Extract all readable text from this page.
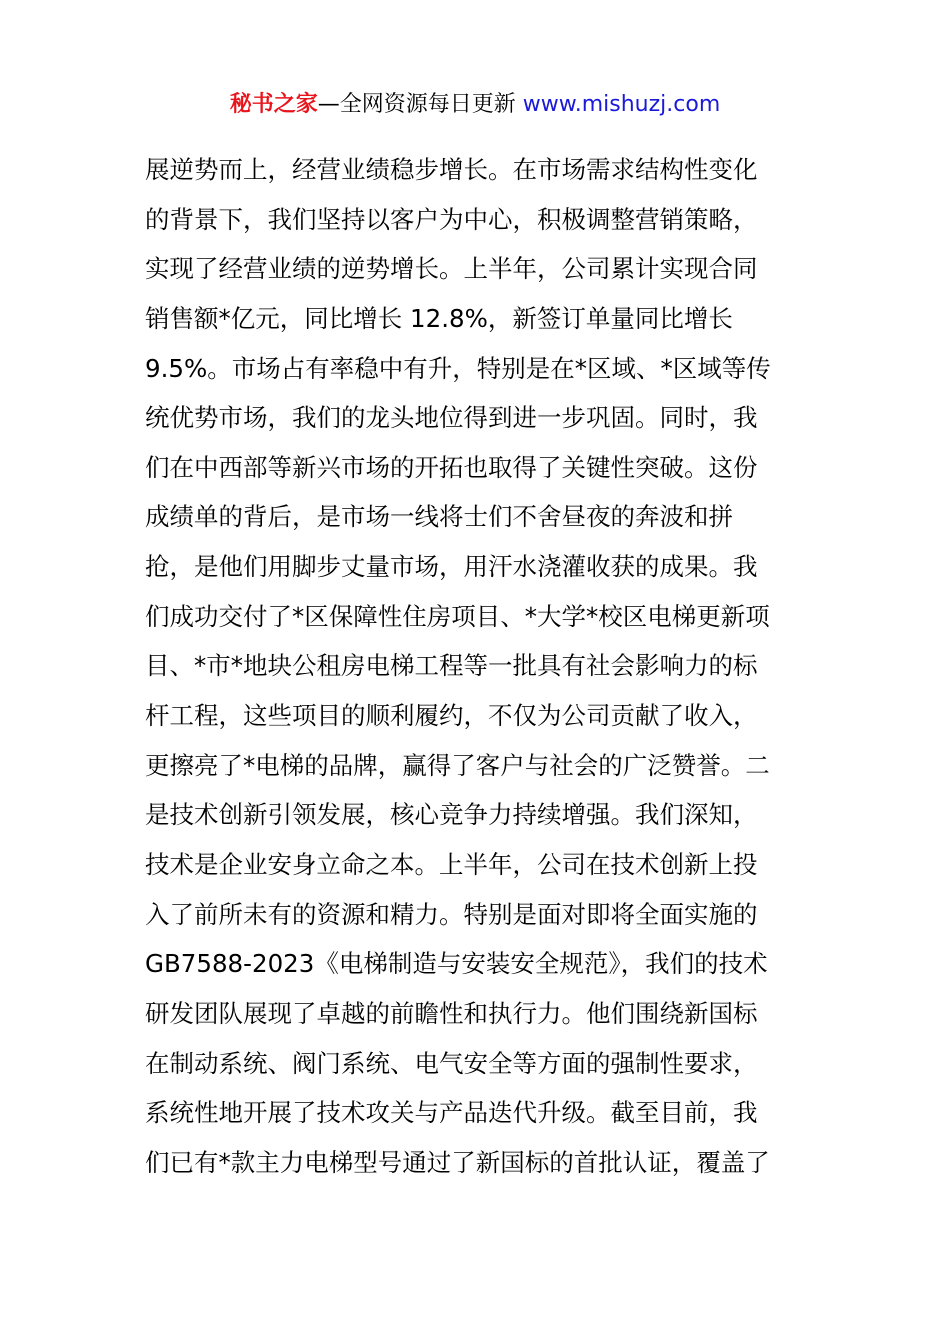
秘书之家—全网资源每日更新 www.mishuzj.com
展逆势而上，经营业绩稳步增长。在市场需求结构性变化
的背景下，我们坚持以客户为中心，积极调整营销策略，
实现了经营业绩的逆势增长。上半年，公司累计实现合同
销售额*亿元，同比增长 12.8%，新签订单量同比增长
9.5%。市场占有率稳中有升，特别是在*区域、*区域等传
统优势市场，我们的龙头地位得到进一步巩固。同时，我
们在中西部等新兴市场的开拓也取得了关键性突破。这份
成绩单的背后，是市场一线将士们不舍昼夜的奔波和拼
抢，是他们用脚步丈量市场，用汗水浇灌收获的成果。我
们成功交付了*区保障性住房项目、*大学*校区电梯更新项
目、*市*地块公租房电梯工程等一批具有社会影响力的标
杆工程，这些项目的顺利履约，不仅为公司贡献了收入，
更擦亮了*电梯的品牌，赢得了客户与社会的广泛赞誉。二
是技术创新引领发展，核心竞争力持续增强。我们深知，
技术是企业安身立命之本。上半年，公司在技术创新上投
入了前所未有的资源和精力。特别是面对即将全面实施的
GB7588-2023《电梯制造与安装安全规范》，我们的技术
研发团队展现了卓越的前瞻性和执行力。他们围绕新国标
在制动系统、阀门系统、电气安全等方面的强制性要求，
系统性地开展了技术攻关与产品迭代升级。截至目前，我
们已有*款主力电梯型号通过了新国标的首批认证，覆盖了
